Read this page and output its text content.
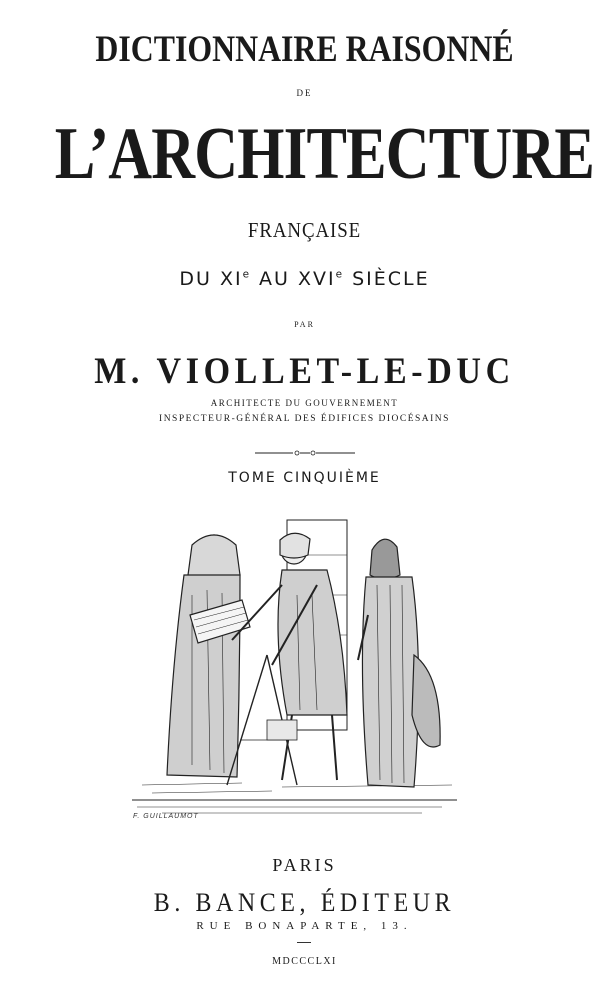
DICTIONNAIRE RAISONNÉ
DE
L’ARCHITECTURE
FRANÇAISE
DU XIe AU XVIe SIÈCLE
PAR
M. VIOLLET-LE-DUC
ARCHITECTE DU GOUVERNEMENT
INSPECTEUR-GÉNÉRAL DES ÉDIFICES DIOCÉSAINS
TOME CINQUIÈME
F. GUILLAUMOT
PARIS
B. BANCE, ÉDITEUR
RUE BONAPARTE, 13.
MDCCCLXI
